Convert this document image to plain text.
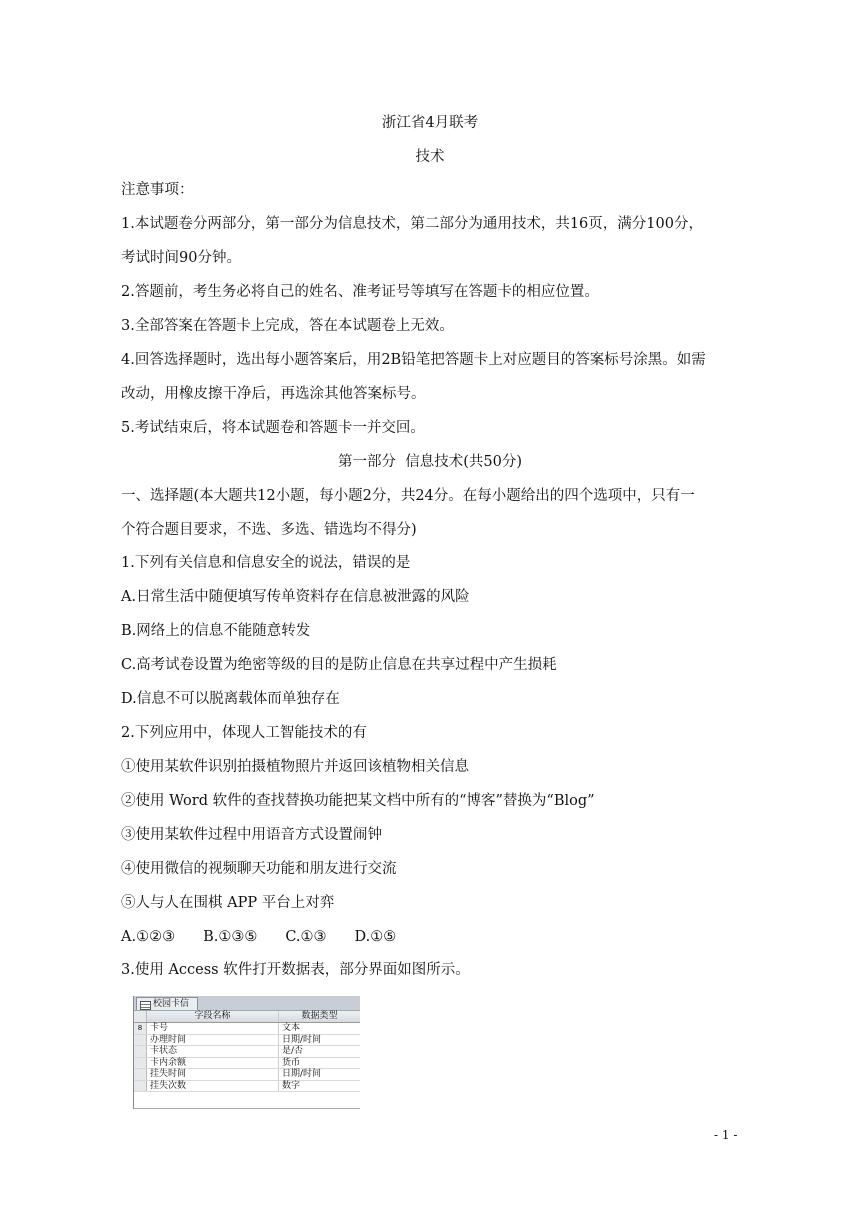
浙江省4月联考
技术
注意事项：
1.本试题卷分两部分，第一部分为信息技术，第二部分为通用技术，共16页，满分100分，
考试时间90分钟。
2.答题前，考生务必将自己的姓名、准考证号等填写在答题卡的相应位置。
3.全部答案在答题卡上完成，答在本试题卷上无效。
4.回答选择题时，选出每小题答案后，用2B铅笔把答题卡上对应题目的答案标号涂黑。如需
改动，用橡皮擦干净后，再选涂其他答案标号。
5.考试结束后，将本试题卷和答题卡一并交回。
第一部分  信息技术(共50分)
一、选择题(本大题共12小题，每小题2分，共24分。在每小题给出的四个选项中，只有一
个符合题目要求，不选、多选、错选均不得分)
1.下列有关信息和信息安全的说法，错误的是
A.日常生活中随便填写传单资料存在信息被泄露的风险
B.网络上的信息不能随意转发
C.高考试卷设置为绝密等级的目的是防止信息在共享过程中产生损耗
D.信息不可以脱离载体而单独存在
2.下列应用中，体现人工智能技术的有
①使用某软件识别拍摄植物照片并返回该植物相关信息
②使用 Word 软件的查找替换功能把某文档中所有的“博客”替换为“Blog”
③使用某软件过程中用语音方式设置闹钟
④使用微信的视频聊天功能和朋友进行交流
⑤人与人在围棋 APP 平台上对弈
A.①②③ B.①③⑤ C.①③ D.①⑤
3.使用 Access 软件打开数据表，部分界面如图所示。
校园卡信
字段名称	数据类型
8 卡号	文本
办理时间	日期/时间
卡状态	是/否
卡内余额	货币
挂失时间	日期/时间
挂失次数	数字
- 1 -
